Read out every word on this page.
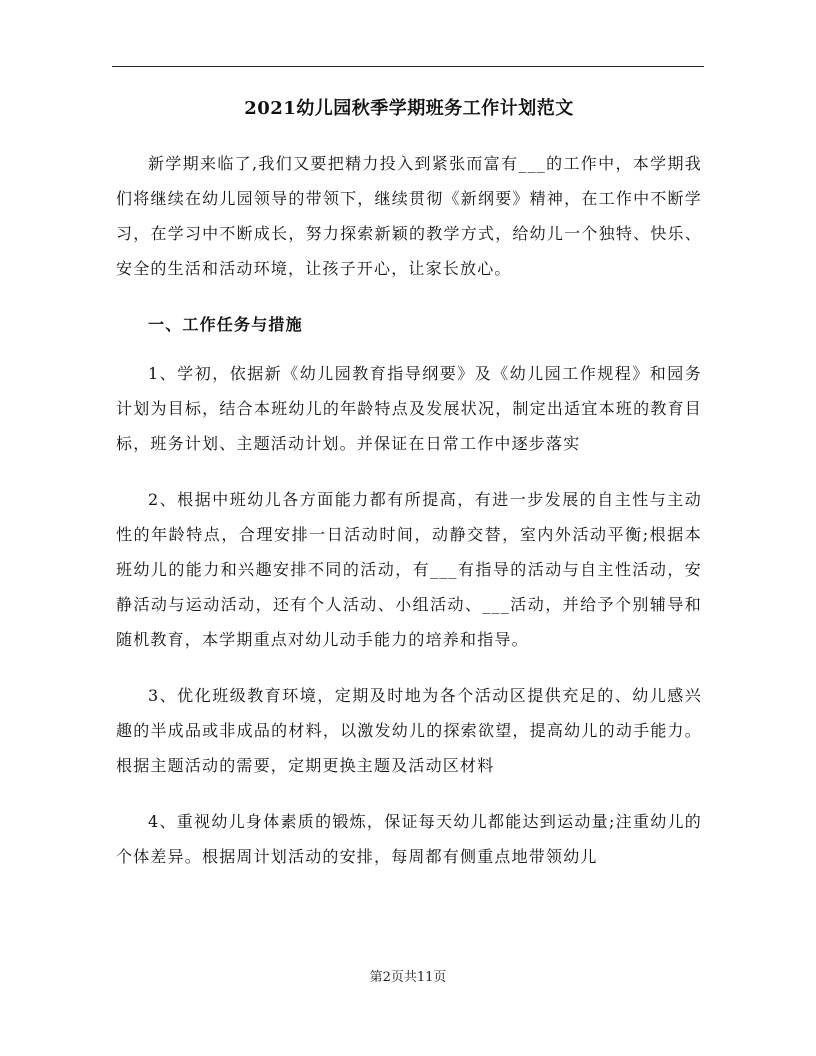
2021幼儿园秋季学期班务工作计划范文

新学期来临了,我们又要把精力投入到紧张而富有___的工作中，本学期我们将继续在幼儿园领导的带领下，继续贯彻《新纲要》精神，在工作中不断学习，在学习中不断成长，努力探索新颖的教学方式，给幼儿一个独特、快乐、安全的生活和活动环境，让孩子开心，让家长放心。

一、工作任务与措施

1、学初，依据新《幼儿园教育指导纲要》及《幼儿园工作规程》和园务计划为目标，结合本班幼儿的年龄特点及发展状况，制定出适宜本班的教育目标，班务计划、主题活动计划。并保证在日常工作中逐步落实

2、根据中班幼儿各方面能力都有所提高，有进一步发展的自主性与主动性的年龄特点，合理安排一日活动时间，动静交替，室内外活动平衡;根据本班幼儿的能力和兴趣安排不同的活动，有___有指导的活动与自主性活动，安静活动与运动活动，还有个人活动、小组活动、___活动，并给予个别辅导和随机教育，本学期重点对幼儿动手能力的培养和指导。

3、优化班级教育环境，定期及时地为各个活动区提供充足的、幼儿感兴趣的半成品或非成品的材料，以激发幼儿的探索欲望，提高幼儿的动手能力。根据主题活动的需要，定期更换主题及活动区材料

4、重视幼儿身体素质的锻炼，保证每天幼儿都能达到运动量;注重幼儿的个体差异。根据周计划活动的安排，每周都有侧重点地带领幼儿

第2页共11页
